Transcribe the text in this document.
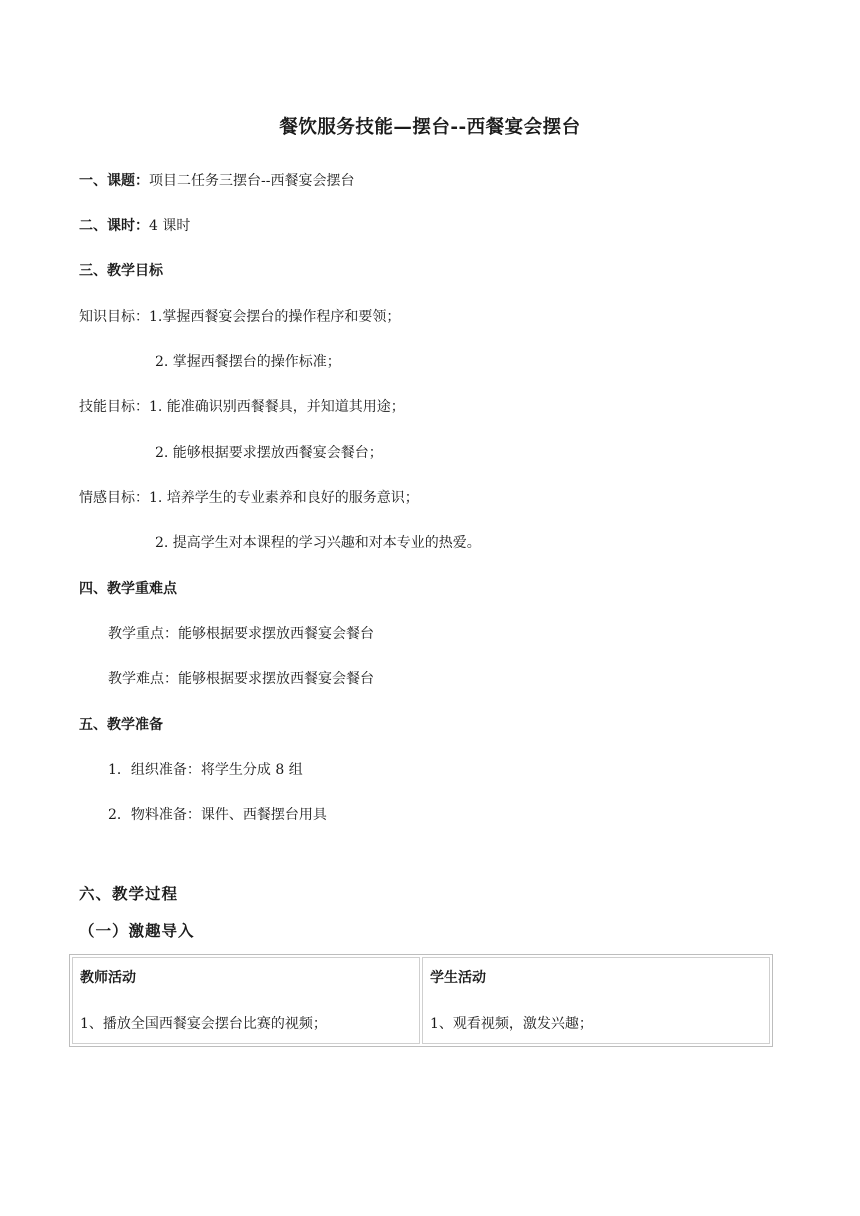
餐饮服务技能—摆台--西餐宴会摆台
一、课题：项目二任务三摆台--西餐宴会摆台
二、课时：4 课时
三、教学目标
知识目标：1.掌握西餐宴会摆台的操作程序和要领；
2. 掌握西餐摆台的操作标准；
技能目标：1. 能准确识别西餐餐具，并知道其用途；
2. 能够根据要求摆放西餐宴会餐台；
情感目标：1. 培养学生的专业素养和良好的服务意识；
2. 提高学生对本课程的学习兴趣和对本专业的热爱。
四、教学重难点
教学重点：能够根据要求摆放西餐宴会餐台
教学难点：能够根据要求摆放西餐宴会餐台
五、教学准备
1．组织准备：将学生分成 8 组
2．物料准备：课件、西餐摆台用具
六、教学过程
（一）激趣导入
教师活动
1、播放全国西餐宴会摆台比赛的视频；
学生活动
1、观看视频，激发兴趣；
